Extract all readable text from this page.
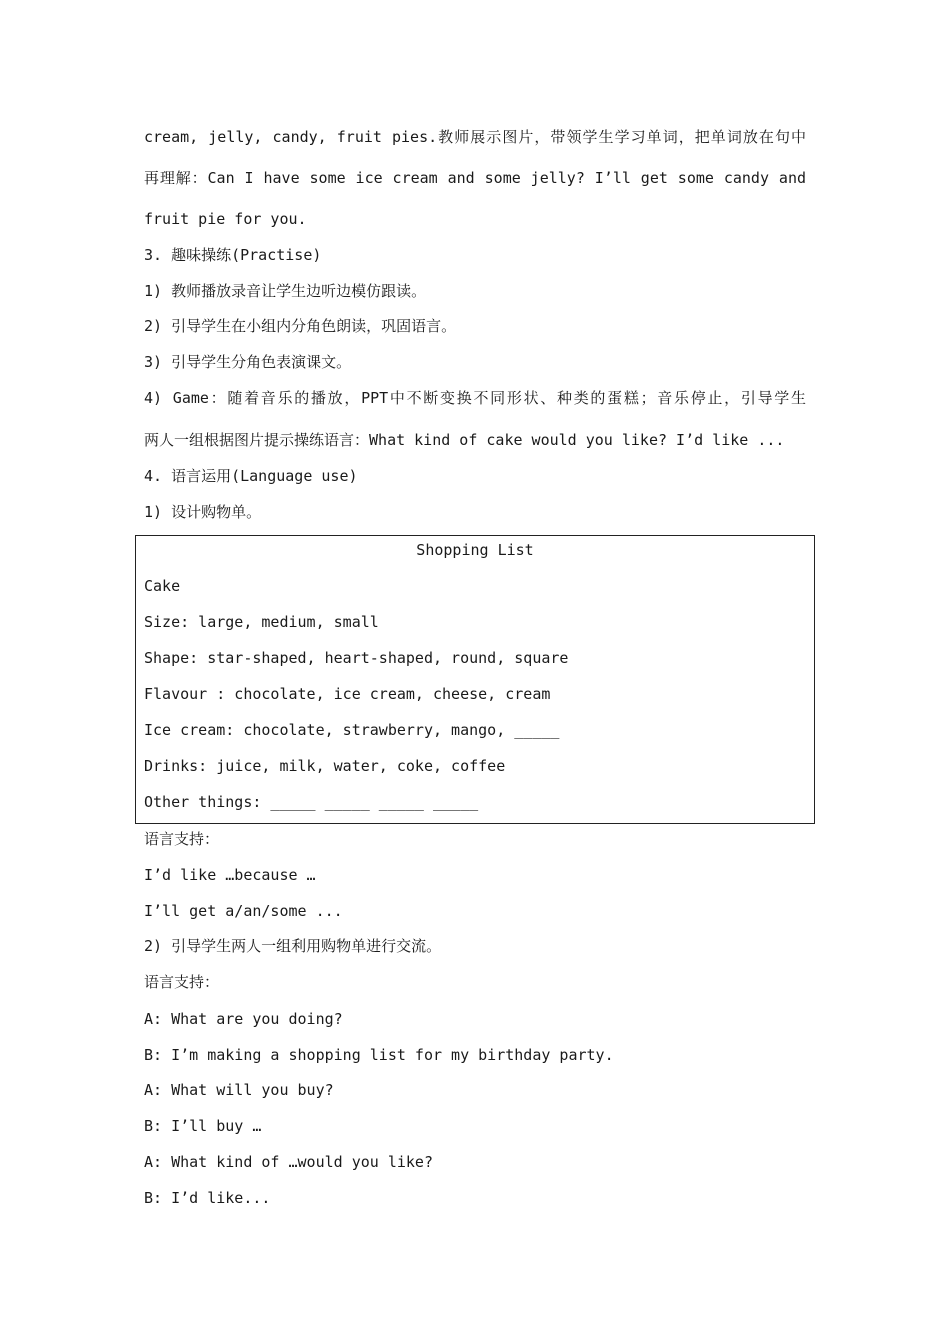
cream, jelly, candy, fruit pies.教师展示图片，带领学生学习单词，把单词放在句中
再理解：Can I have some ice cream and some jelly? I’ll get some candy and
fruit pie for you.
3. 趣味操练(Practise)
1) 教师播放录音让学生边听边模仿跟读。
2) 引导学生在小组内分角色朗读，巩固语言。
3) 引导学生分角色表演课文。
4) Game：随着音乐的播放，PPT中不断变换不同形状、种类的蛋糕；音乐停止，引导学生
两人一组根据图片提示操练语言：What kind of cake would you like? I’d like ...
4. 语言运用(Language use)
1) 设计购物单。
Shopping List
Cake
Size: large, medium, small
Shape: star-shaped, heart-shaped, round, square
Flavour : chocolate, ice cream, cheese, cream
Ice cream: chocolate, strawberry, mango, _____
Drinks: juice, milk, water, coke, coffee
Other things: _____ _____ _____ _____
语言支持：
I’d like …because …
I’ll get a/an/some ...
2) 引导学生两人一组利用购物单进行交流。
语言支持：
A: What are you doing?
B: I’m making a shopping list for my birthday party.
A: What will you buy?
B: I’ll buy …
A: What kind of …would you like?
B: I’d like...
